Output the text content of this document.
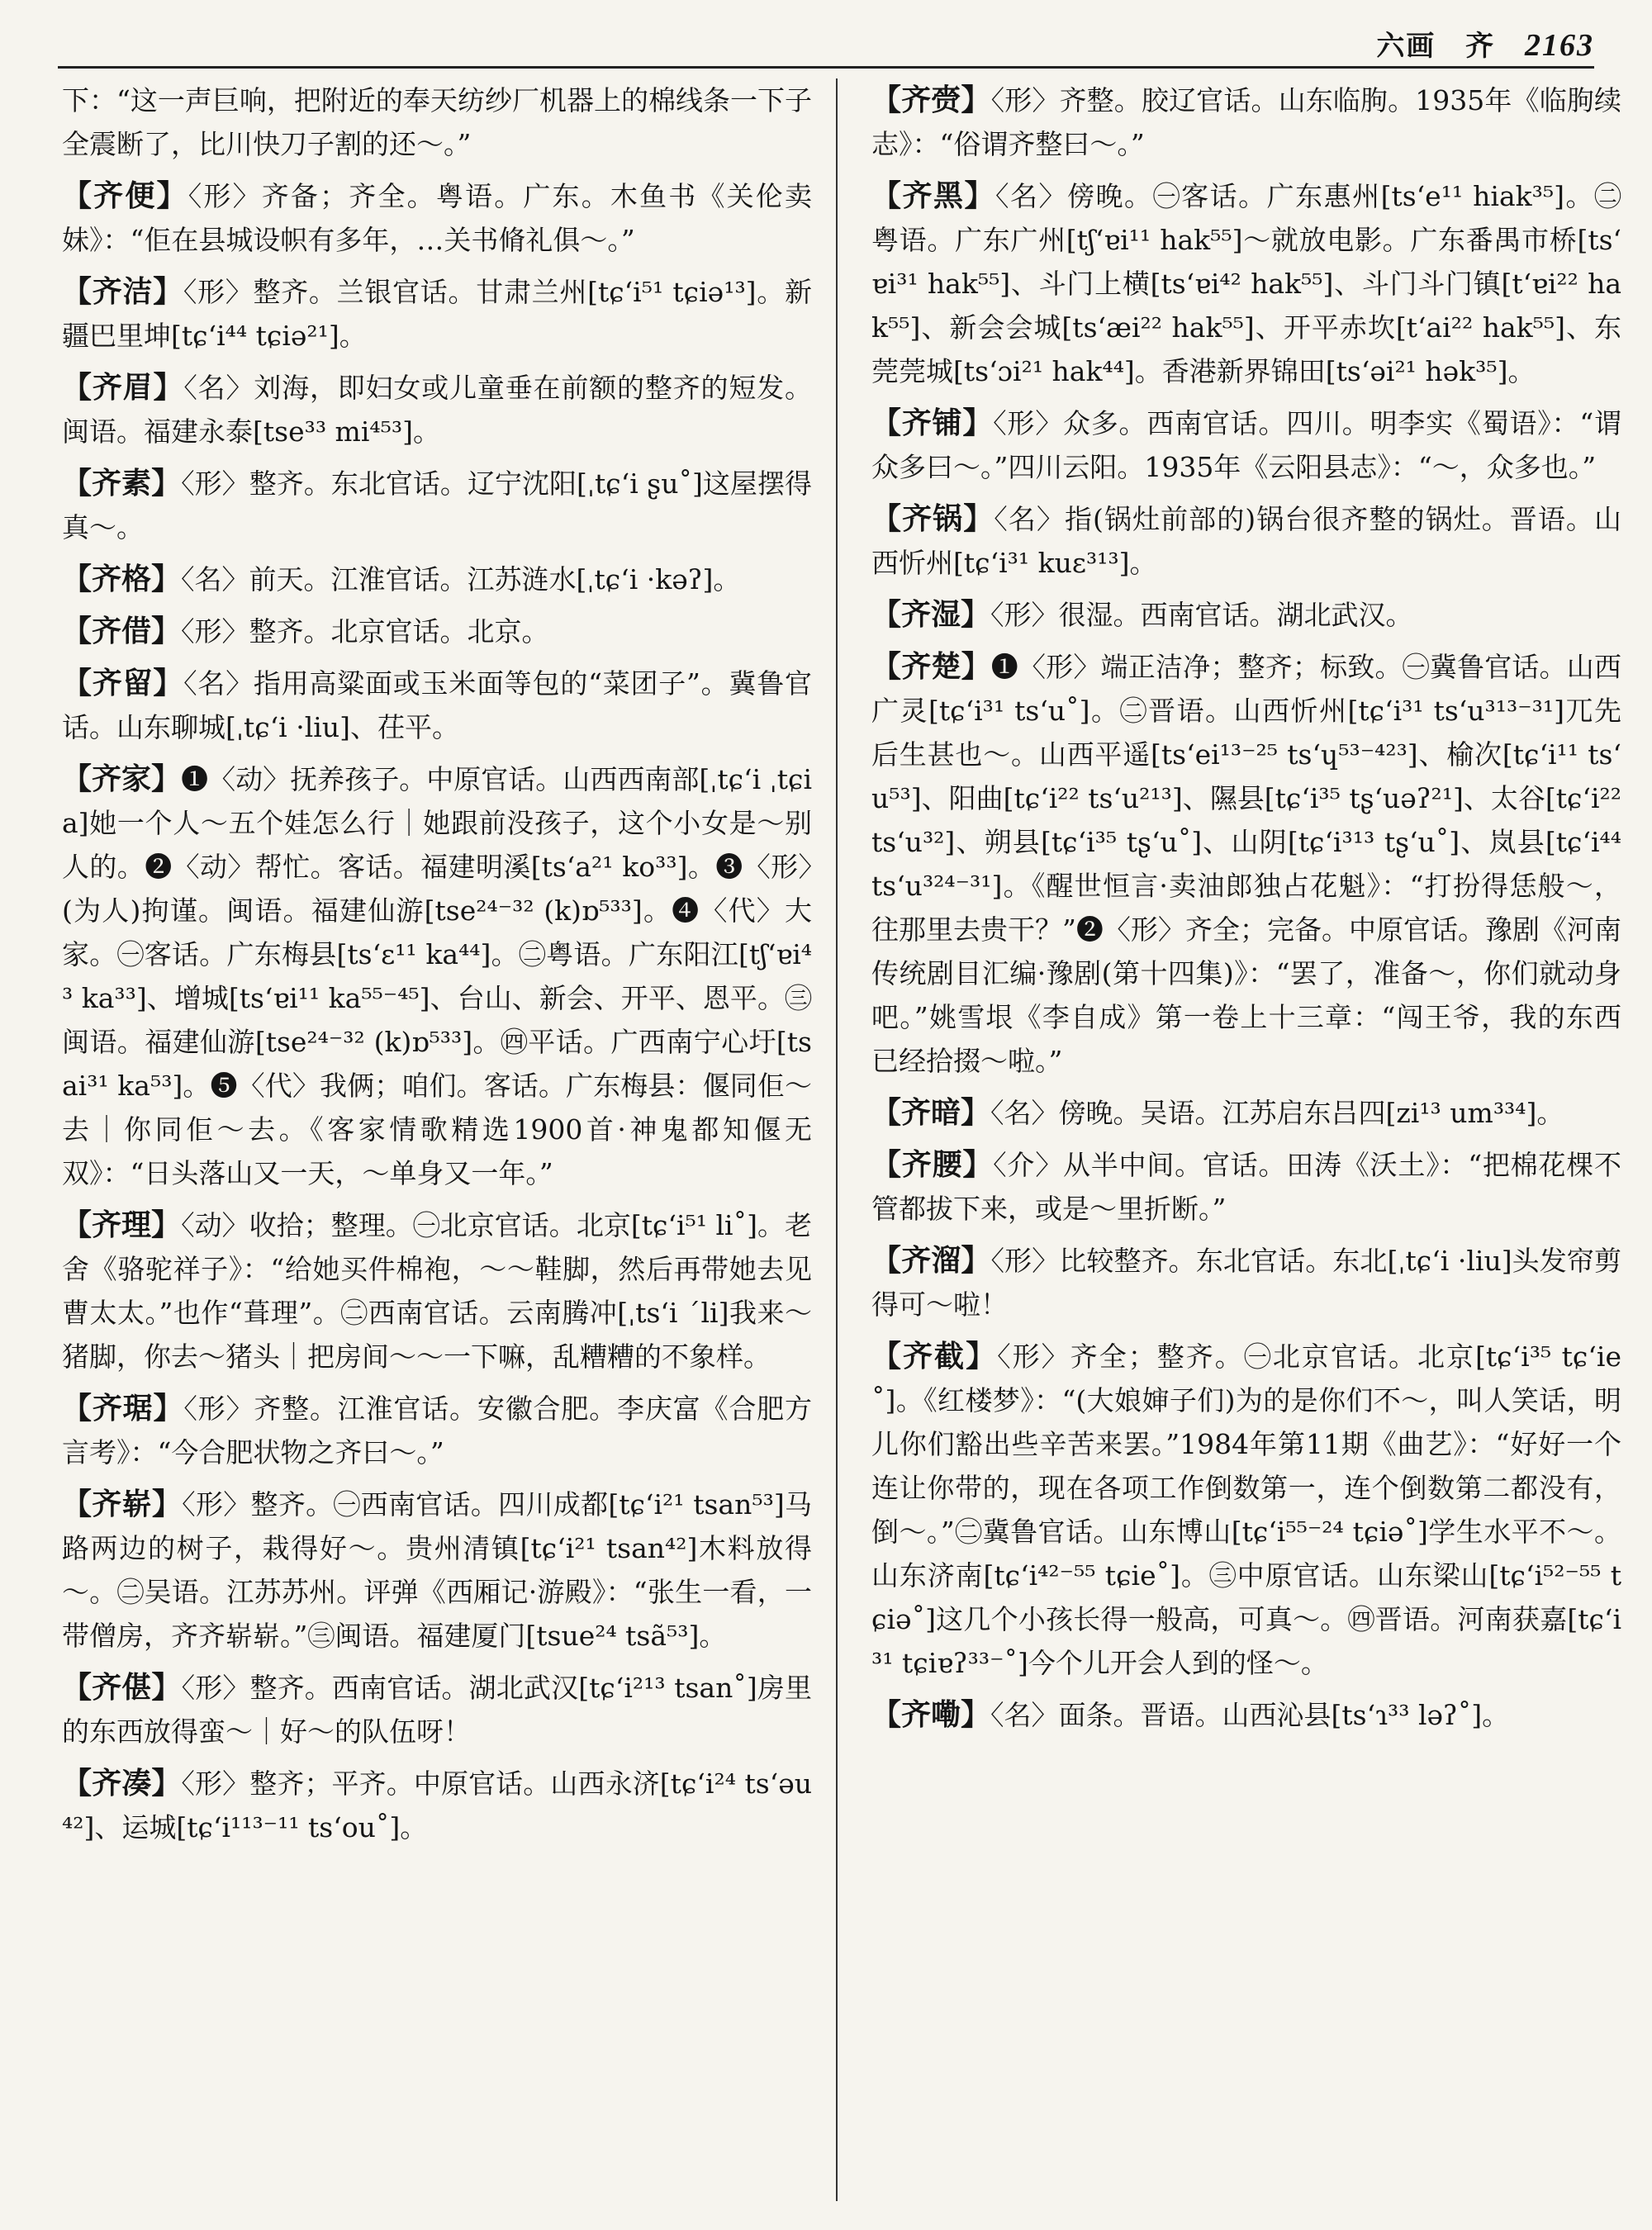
六画 齐 2163

下：“这一声巨响，把附近的奉天纺纱厂机器上的棉线条一下子全震断了，比川快刀子割的还～。”

【齐便】〈形〉齐备；齐全。粤语。广东。木鱼书《关伦卖妹》：“佢在县城设帜有多年，…关书脩礼俱～。”

【齐洁】〈形〉整齐。兰银官话。甘肃兰州[tɕʻi⁵¹ tɕiə¹³]。新疆巴里坤[tɕʻi⁴⁴ tɕiə²¹]。

【齐眉】〈名〉刘海，即妇女或儿童垂在前额的整齐的短发。闽语。福建永泰[tse³³ mi⁴⁵³]。

【齐素】〈形〉整齐。东北官话。辽宁沈阳[ˌtɕʻi ʂu˚]这屋摆得真～。

【齐格】〈名〉前天。江淮官话。江苏涟水[ˌtɕʻi ·kəʔ]。

【齐借】〈形〉整齐。北京官话。北京。

【齐留】〈名〉指用高粱面或玉米面等包的“菜团子”。冀鲁官话。山东聊城[ˌtɕʻi ·liu]、茌平。

【齐家】❶〈动〉抚养孩子。中原官话。山西西南部[ˌtɕʻi ˌtɕia]她一个人～五个娃怎么行｜她跟前没孩子，这个小女是～别人的。❷〈动〉帮忙。客话。福建明溪[tsʻa²¹ ko³³]。❸〈形〉(为人)拘谨。闽语。福建仙游[tse²⁴⁻³² (k)ɒ⁵³³]。❹〈代〉大家。㊀客话。广东梅县[tsʻɛ¹¹ ka⁴⁴]。㊁粤语。广东阳江[tʃʻɐi⁴³ ka³³]、增城[tsʻɐi¹¹ ka⁵⁵⁻⁴⁵]、台山、新会、开平、恩平。㊂闽语。福建仙游[tse²⁴⁻³² (k)ɒ⁵³³]。㊃平话。广西南宁心圩[tsai³¹ ka⁵³]。❺〈代〉我俩；咱们。客话。广东梅县：偃同佢～去｜你同佢～去。《客家情歌精选1900首·神鬼都知偃无双》：“日头落山又一天，～单身又一年。”

【齐理】〈动〉收拾；整理。㊀北京官话。北京[tɕʻi⁵¹ li˚]。老舍《骆驼祥子》：“给她买件棉袍，～～鞋脚，然后再带她去见曹太太。”也作“葺理”。㊁西南官话。云南腾冲[ˌtsʻi ˊli]我来～猪脚，你去～猪头｜把房间～～一下嘛，乱糟糟的不象样。

【齐琚】〈形〉齐整。江淮官话。安徽合肥。李庆富《合肥方言考》：“今合肥状物之齐曰～。”

【齐崭】〈形〉整齐。㊀西南官话。四川成都[tɕʻi²¹ tsan⁵³]马路两边的树子，栽得好～。贵州清镇[tɕʻi²¹ tsan⁴²]木料放得～。㊁吴语。江苏苏州。评弹《西厢记·游殿》：“张生一看，一带僧房，齐齐崭崭。”㊂闽语。福建厦门[tsue²⁴ tsã⁵³]。

【齐偡】〈形〉整齐。西南官话。湖北武汉[tɕʻi²¹³ tsan˚]房里的东西放得蛮～｜好～的队伍呀！

【齐凑】〈形〉整齐；平齐。中原官话。山西永济[tɕʻi²⁴ tsʻəu⁴²]、运城[tɕʻi¹¹³⁻¹¹ tsʻou˚]。

【齐赍】〈形〉齐整。胶辽官话。山东临朐。1935年《临朐续志》：“俗谓齐整曰～。”

【齐黑】〈名〉傍晚。㊀客话。广东惠州[tsʻe¹¹ hiak³⁵]。㊁粤语。广东广州[tʃʻɐi¹¹ hak⁵⁵]～就放电影。广东番禺市桥[tsʻɐi³¹ hak⁵⁵]、斗门上横[tsʻɐi⁴² hak⁵⁵]、斗门斗门镇[tʻɐi²² hak⁵⁵]、新会会城[tsʻæi²² hak⁵⁵]、开平赤坎[tʻai²² hak⁵⁵]、东莞莞城[tsʻɔi²¹ hak⁴⁴]。香港新界锦田[tsʻəi²¹ hək³⁵]。

【齐铺】〈形〉众多。西南官话。四川。明李实《蜀语》：“谓众多曰～。”四川云阳。1935年《云阳县志》：“～，众多也。”

【齐锅】〈名〉指(锅灶前部的)锅台很齐整的锅灶。晋语。山西忻州[tɕʻi³¹ kuɛ³¹³]。

【齐湿】〈形〉很湿。西南官话。湖北武汉。

【齐楚】❶〈形〉端正洁净；整齐；标致。㊀冀鲁官话。山西广灵[tɕʻi³¹ tsʻu˚]。㊁晋语。山西忻州[tɕʻi³¹ tsʻu³¹³⁻³¹]兀先后生甚也～。山西平遥[tsʻei¹³⁻²⁵ tsʻɥ⁵³⁻⁴²³]、榆次[tɕʻi¹¹ tsʻu⁵³]、阳曲[tɕʻi²² tsʻu²¹³]、隰县[tɕʻi³⁵ tʂʻuəʔ²¹]、太谷[tɕʻi²² tsʻu³²]、朔县[tɕʻi³⁵ tʂʻu˚]、山阴[tɕʻi³¹³ tʂʻu˚]、岚县[tɕʻi⁴⁴ tsʻu³²⁴⁻³¹]。《醒世恒言·卖油郎独占花魁》：“打扮得恁般～，往那里去贵干？”❷〈形〉齐全；完备。中原官话。豫剧《河南传统剧目汇编·豫剧(第十四集)》：“罢了，准备～，你们就动身吧。”姚雪垠《李自成》第一卷上十三章：“闯王爷，我的东西已经拾掇～啦。”

【齐暗】〈名〉傍晚。吴语。江苏启东吕四[zi¹³ um³³⁴]。

【齐腰】〈介〉从半中间。官话。田涛《沃土》：“把棉花棵不管都拔下来，或是～里折断。”

【齐溜】〈形〉比较整齐。东北官话。东北[ˌtɕʻi ·liu]头发帘剪得可～啦！

【齐截】〈形〉齐全；整齐。㊀北京官话。北京[tɕʻi³⁵ tɕʻie˚]。《红楼梦》：“(大娘婶子们)为的是你们不～，叫人笑话，明儿你们豁出些辛苦来罢。”1984年第11期《曲艺》：“好好一个连让你带的，现在各项工作倒数第一，连个倒数第二都没有，倒～。”㊁冀鲁官话。山东博山[tɕʻi⁵⁵⁻²⁴ tɕiə˚]学生水平不～。山东济南[tɕʻi⁴²⁻⁵⁵ tɕie˚]。㊂中原官话。山东梁山[tɕʻi⁵²⁻⁵⁵ tɕiə˚]这几个小孩长得一般高，可真～。㊃晋语。河南获嘉[tɕʻi³¹ tɕiɐʔ³³⁻˚]今个儿开会人到的怪～。

【齐嘞】〈名〉面条。晋语。山西沁县[tsʻɿ³³ ləʔ˚]。
